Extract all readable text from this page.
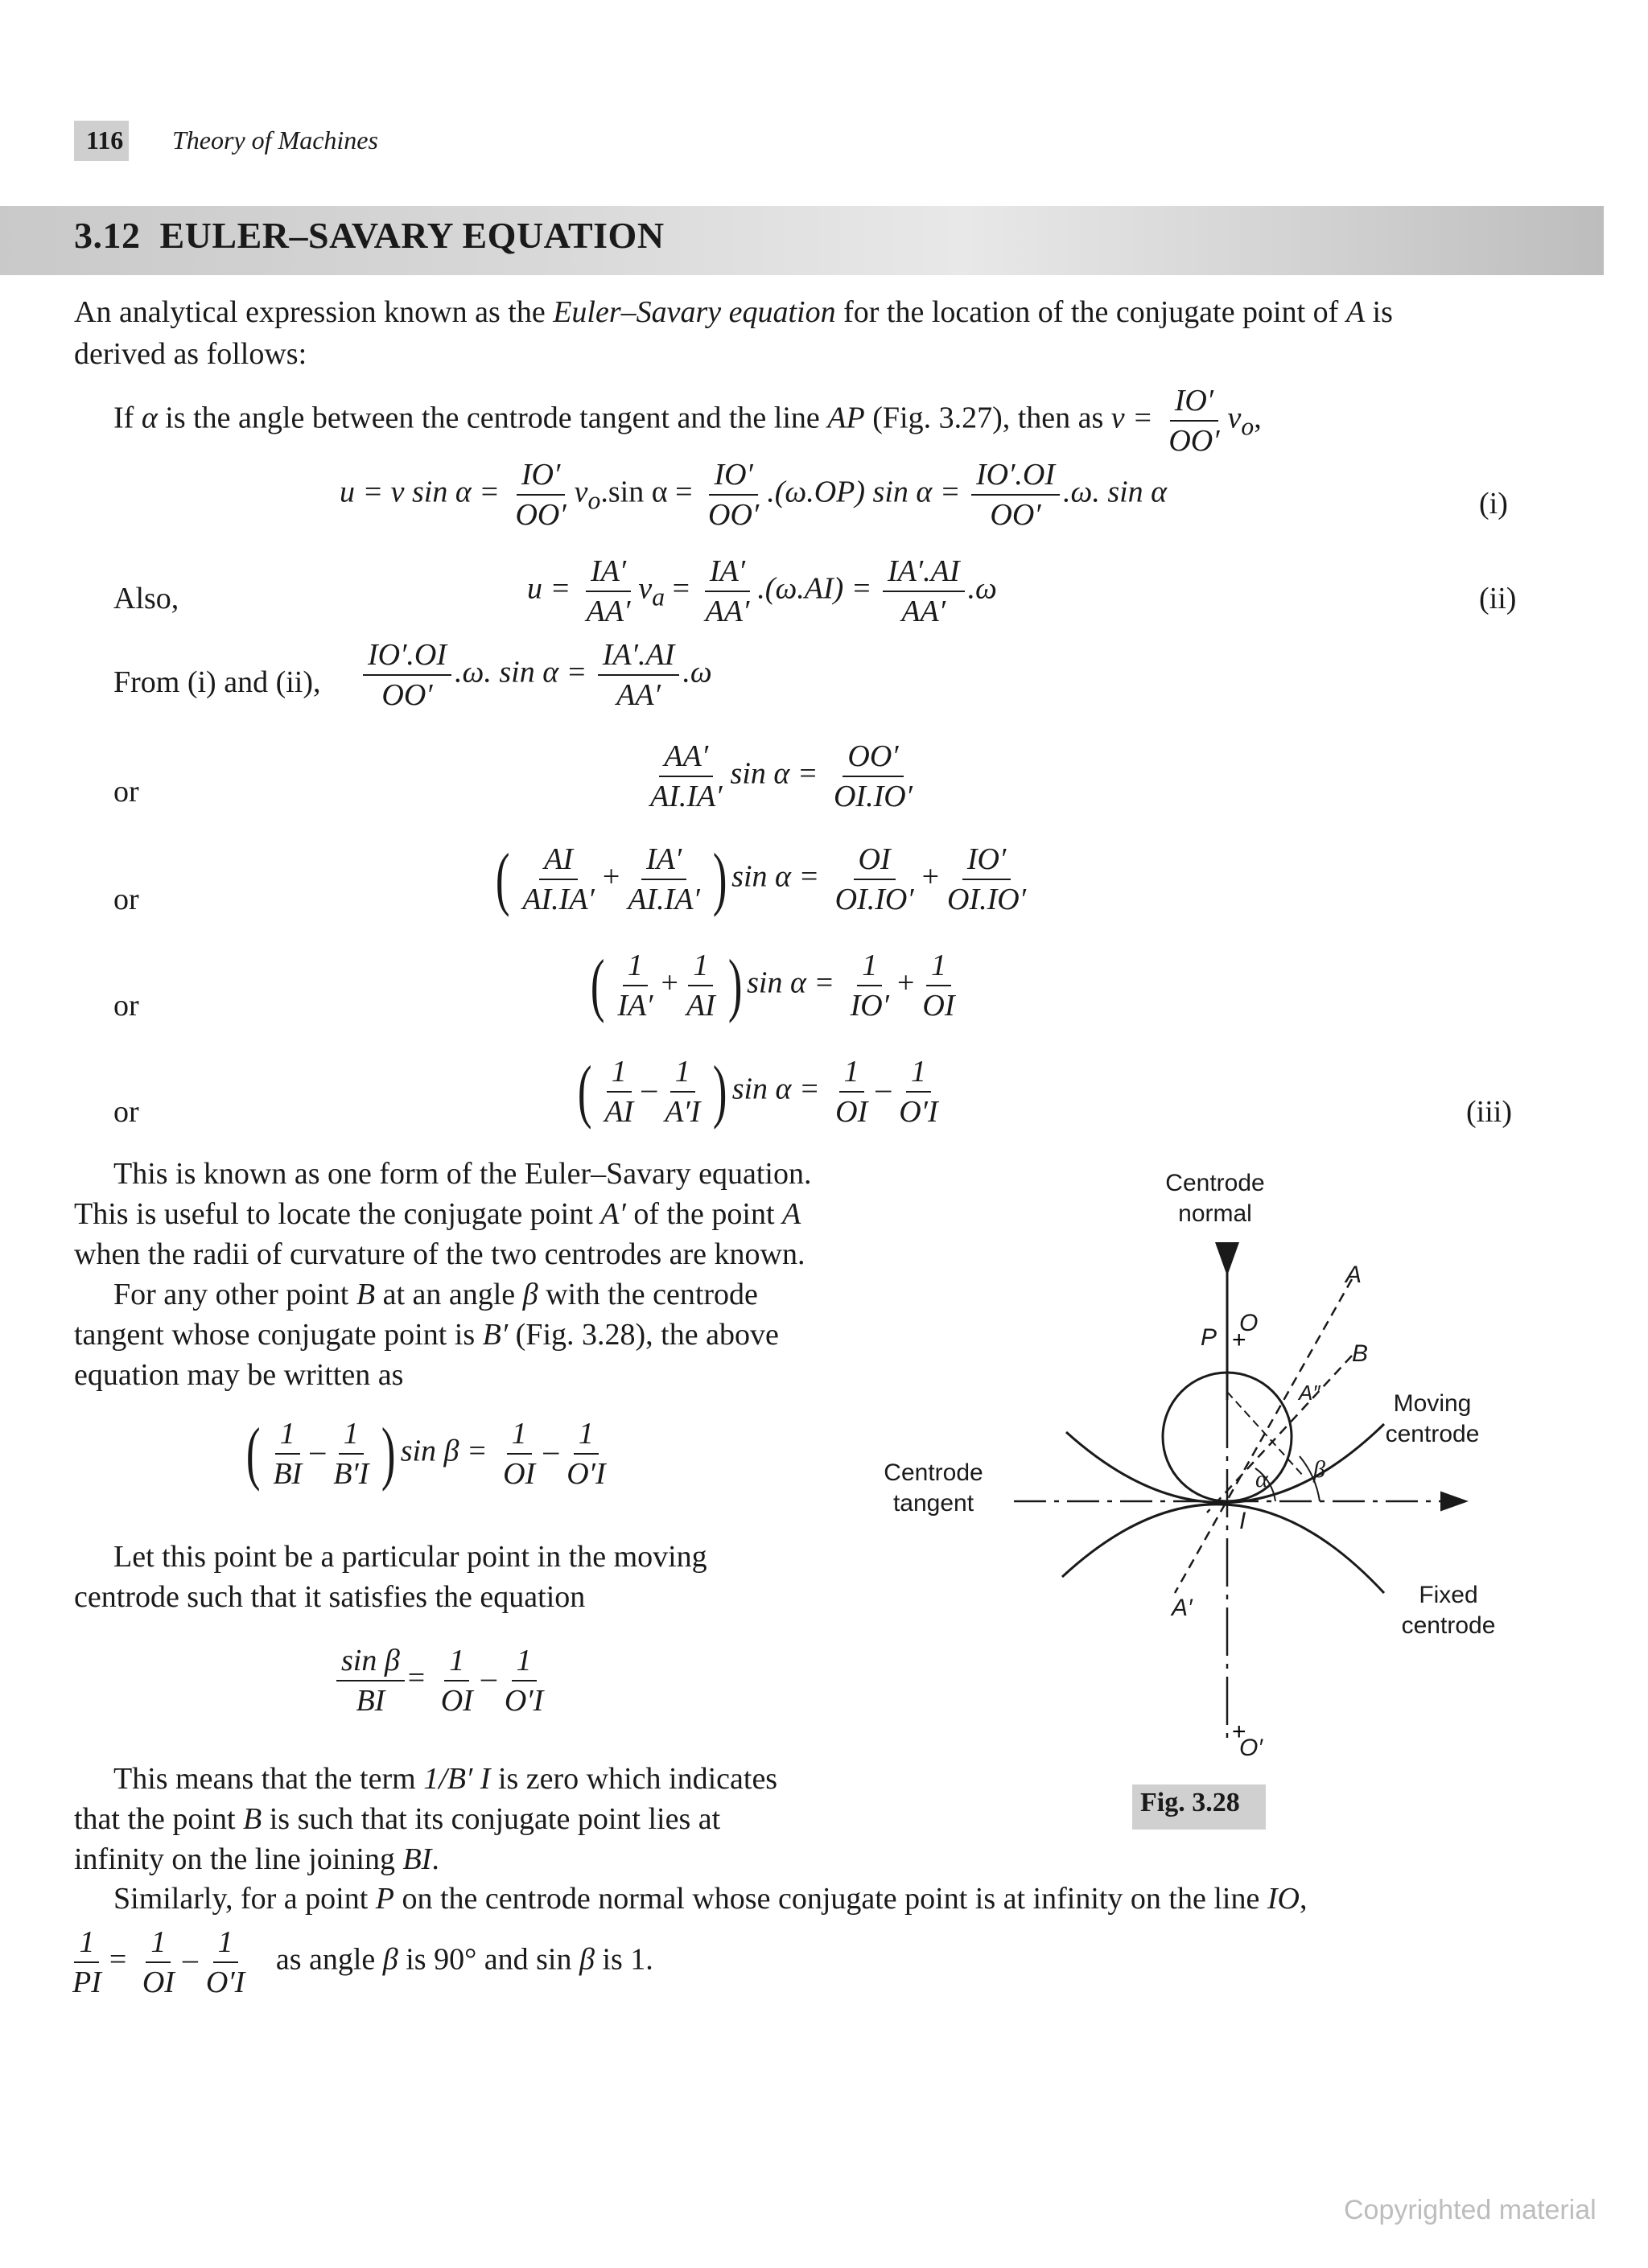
116 Theory of Machines
3.12 EULER–SAVARY EQUATION
An analytical expression known as the Euler–Savary equation for the location of the conjugate point of A is
derived as follows:
If α is the angle between the centrode tangent and the line AP (Fig. 3.27), then as $v = \frac{IO'}{OO'} v_o$,
u = v $\sin \alpha = \frac{IO'}{OO'} v_o.\sin$ $\alpha = \frac{IO'}{OO'} .(\omega.OP)$ $\sin \alpha = \frac{IO'.OI}{OO'} .\omega$. sin α	(i)
Also,	$u = \frac{IA'}{AA'} v_a = \frac{IA'}{AA'} .(\omega.AI) = \frac{IA'.AI}{AA'} .\omega$	(ii)
From (i) and (ii), $\frac{IO'.OI}{OO'} .\omega$. $\sin \alpha = \frac{IA'.AI}{AA'} .\omega$
or	$\frac{AA'}{AI.IA'}$ $\sin \alpha = \frac{OO'}{OI.IO'}$
or	( $\frac{AI}{AI.IA'} + \frac{IA'}{AI.IA'}$ ) $\sin \alpha = \frac{OI}{OI.IO'} + \frac{IO'}{OI.IO'}$
or	( $\frac{1}{IA'} + \frac{1}{AI}$ ) $\sin \alpha = \frac{1}{IO'} + \frac{1}{OI}$
or	( $\frac{1}{AI} - \frac{1}{A'I}$ ) $\sin \alpha = \frac{1}{OI} - \frac{1}{O'I}$	(iii)
This is known as one form of the Euler–Savary equation.
This is useful to locate the conjugate point A′ of the point A
when the radii of curvature of the two centrodes are known.
For any other point B at an angle β with the centrode
tangent whose conjugate point is B′ (Fig. 3.28), the above
equation may be written as
( $\frac{1}{BI} - \frac{1}{B'I}$ ) $\sin \beta = \frac{1}{OI} - \frac{1}{O'I}$
Let this point be a particular point in the moving
centrode such that it satisfies the equation
$\frac{\text{sin β}}{BI} = \frac{1}{OI} - \frac{1}{O'I}$
This means that the term 1/B′ I is zero which indicates
that the point B is such that its conjugate point lies at
infinity on the line joining BI.
Similarly, for a point P on the centrode normal whose conjugate point is at infinity on the line IO,
$\frac{1}{PI} = \frac{1}{OI} - \frac{1}{O'I}$ as angle β is 90° and sin β is 1.
+
+
Centrode
normal
Centrode
tangent
Moving
centrode
Fixed
centrode
A
B
P
O
A″
α β
I
A′
O′
Fig. 3.28
Copyrighted material
